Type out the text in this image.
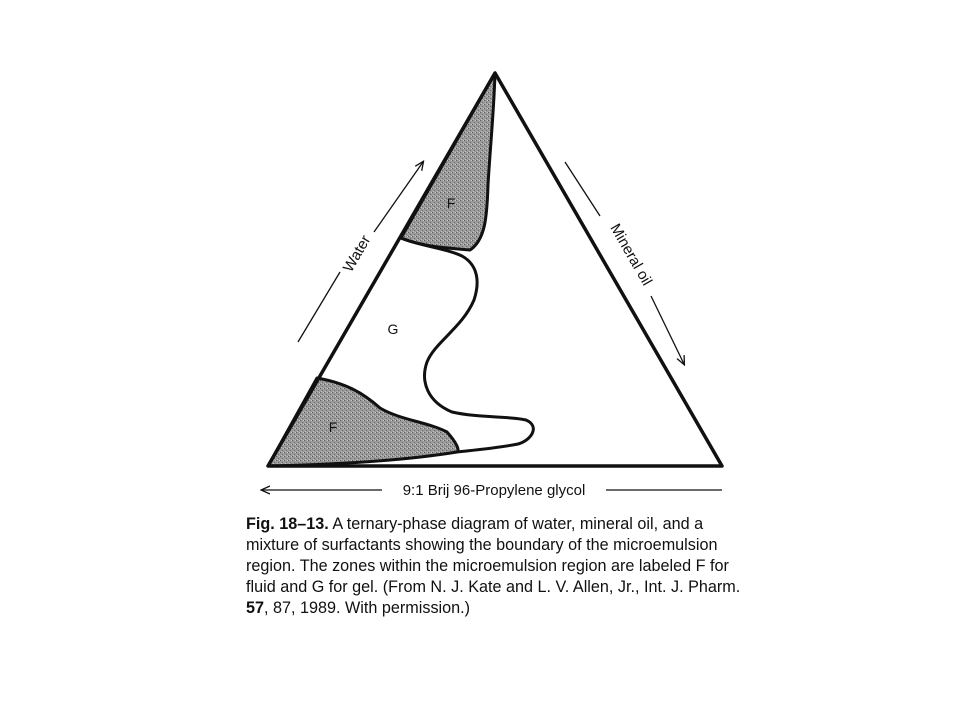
F
G
F
Water	Mineral oil
9:1 Brij 96-Propylene glycol

Fig. 18–13. A ternary-phase diagram of water, mineral oil, and a
mixture of surfactants showing the boundary of the microemulsion
region. The zones within the microemulsion region are labeled F for
fluid and G for gel. (From N. J. Kate and L. V. Allen, Jr., Int. J. Pharm.
57, 87, 1989. With permission.)
